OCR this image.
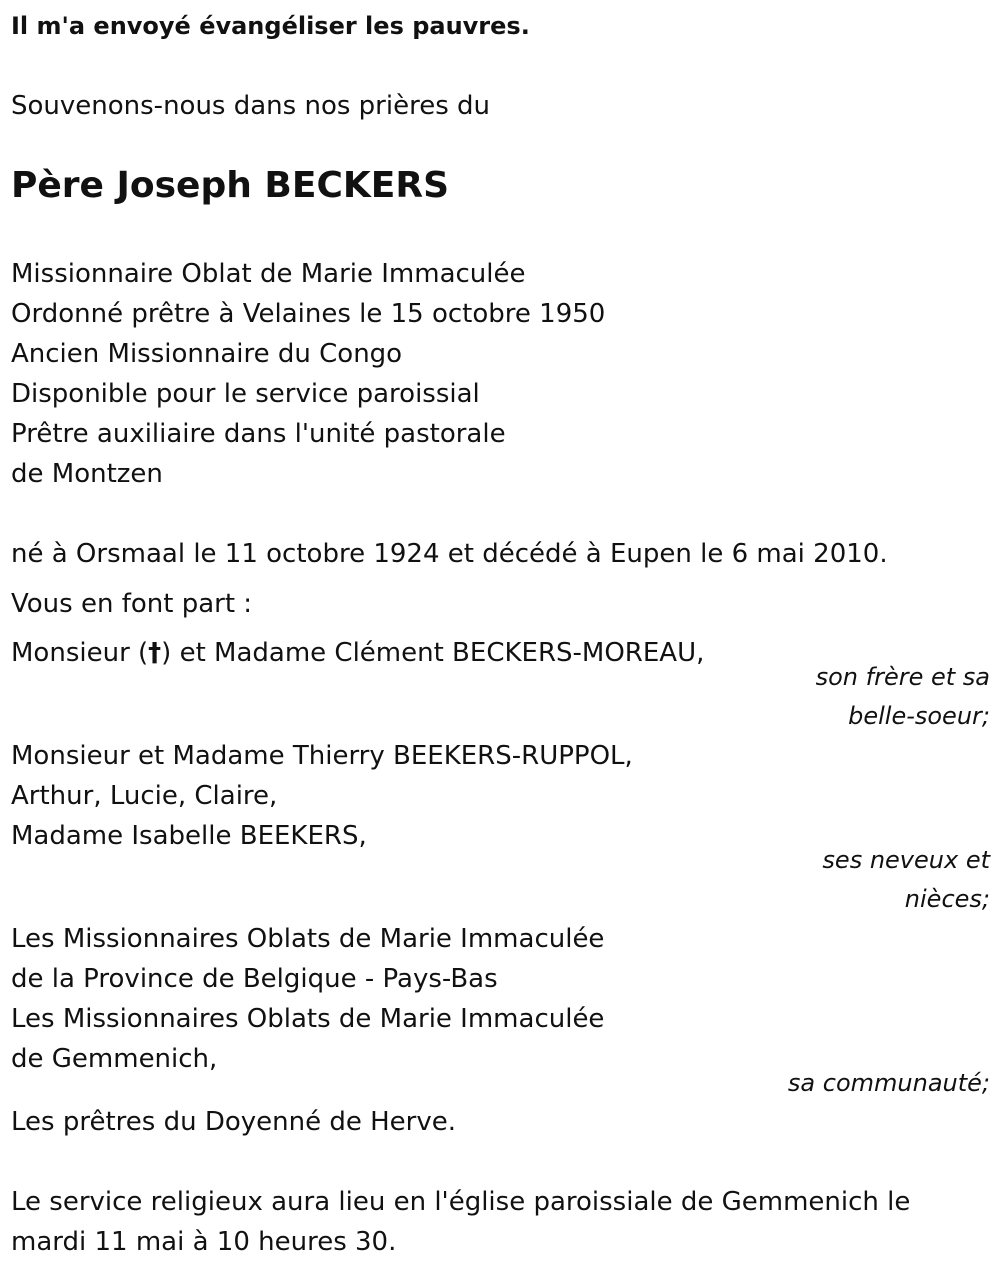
Il m'a envoyé évangéliser les pauvres.
Souvenons-nous dans nos prières du
Père Joseph BECKERS
Missionnaire Oblat de Marie Immaculée
Ordonné prêtre à Velaines le 15 octobre 1950
Ancien Missionnaire du Congo
Disponible pour le service paroissial
Prêtre auxiliaire dans l'unité pastorale
de Montzen
né à Orsmaal le 11 octobre 1924 et décédé à Eupen le 6 mai 2010.
Vous en font part :
Monsieur (†) et Madame Clément BECKERS-MOREAU,
son frère et sa
belle-soeur;
Monsieur et Madame Thierry BEEKERS-RUPPOL,
Arthur, Lucie, Claire,
Madame Isabelle BEEKERS,
ses neveux et
nièces;
Les Missionnaires Oblats de Marie Immaculée
de la Province de Belgique - Pays-Bas
Les Missionnaires Oblats de Marie Immaculée
de Gemmenich,
sa communauté;
Les prêtres du Doyenné de Herve.
Le service religieux aura lieu en l'église paroissiale de Gemmenich le
mardi 11 mai à 10 heures 30.
